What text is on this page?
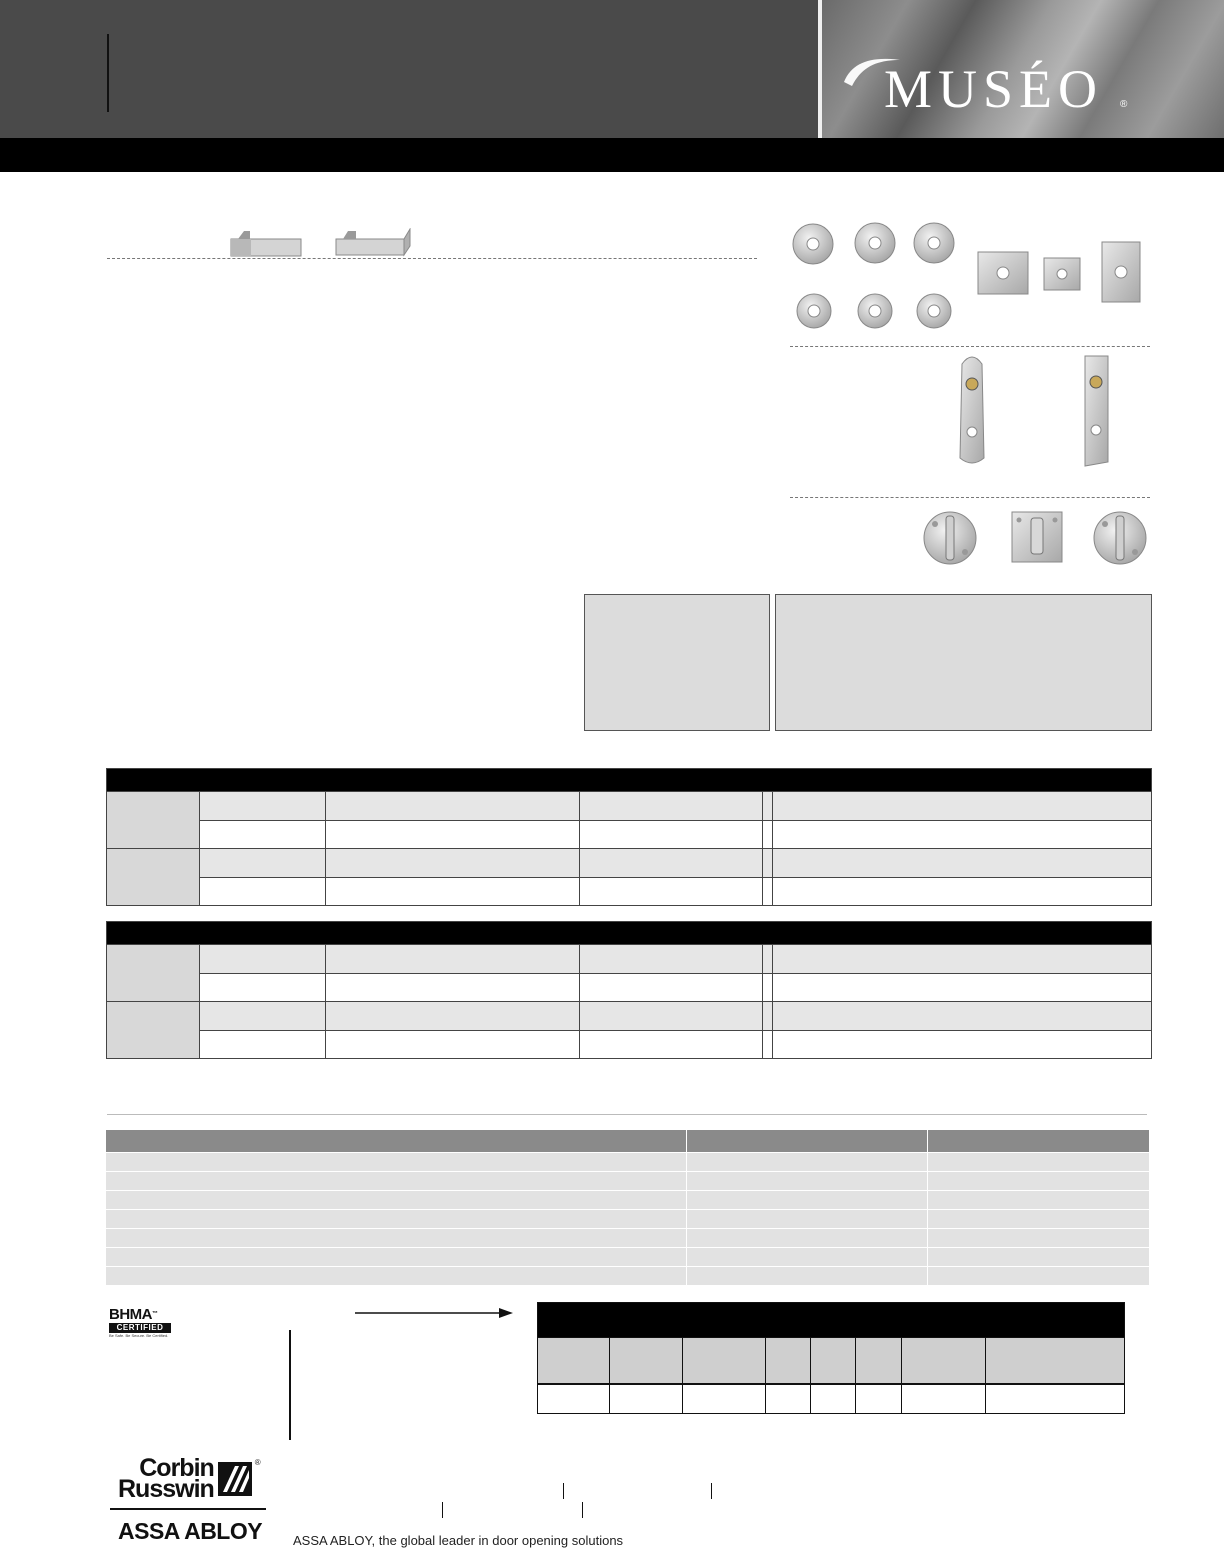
MUSÉO ®
BHMA™
CERTIFIED
Be Safe. Be Secure. Be Certified.
Corbin
Russwin
®
ASSA ABLOY ASSA ABLOY, the global leader in door opening solutions
